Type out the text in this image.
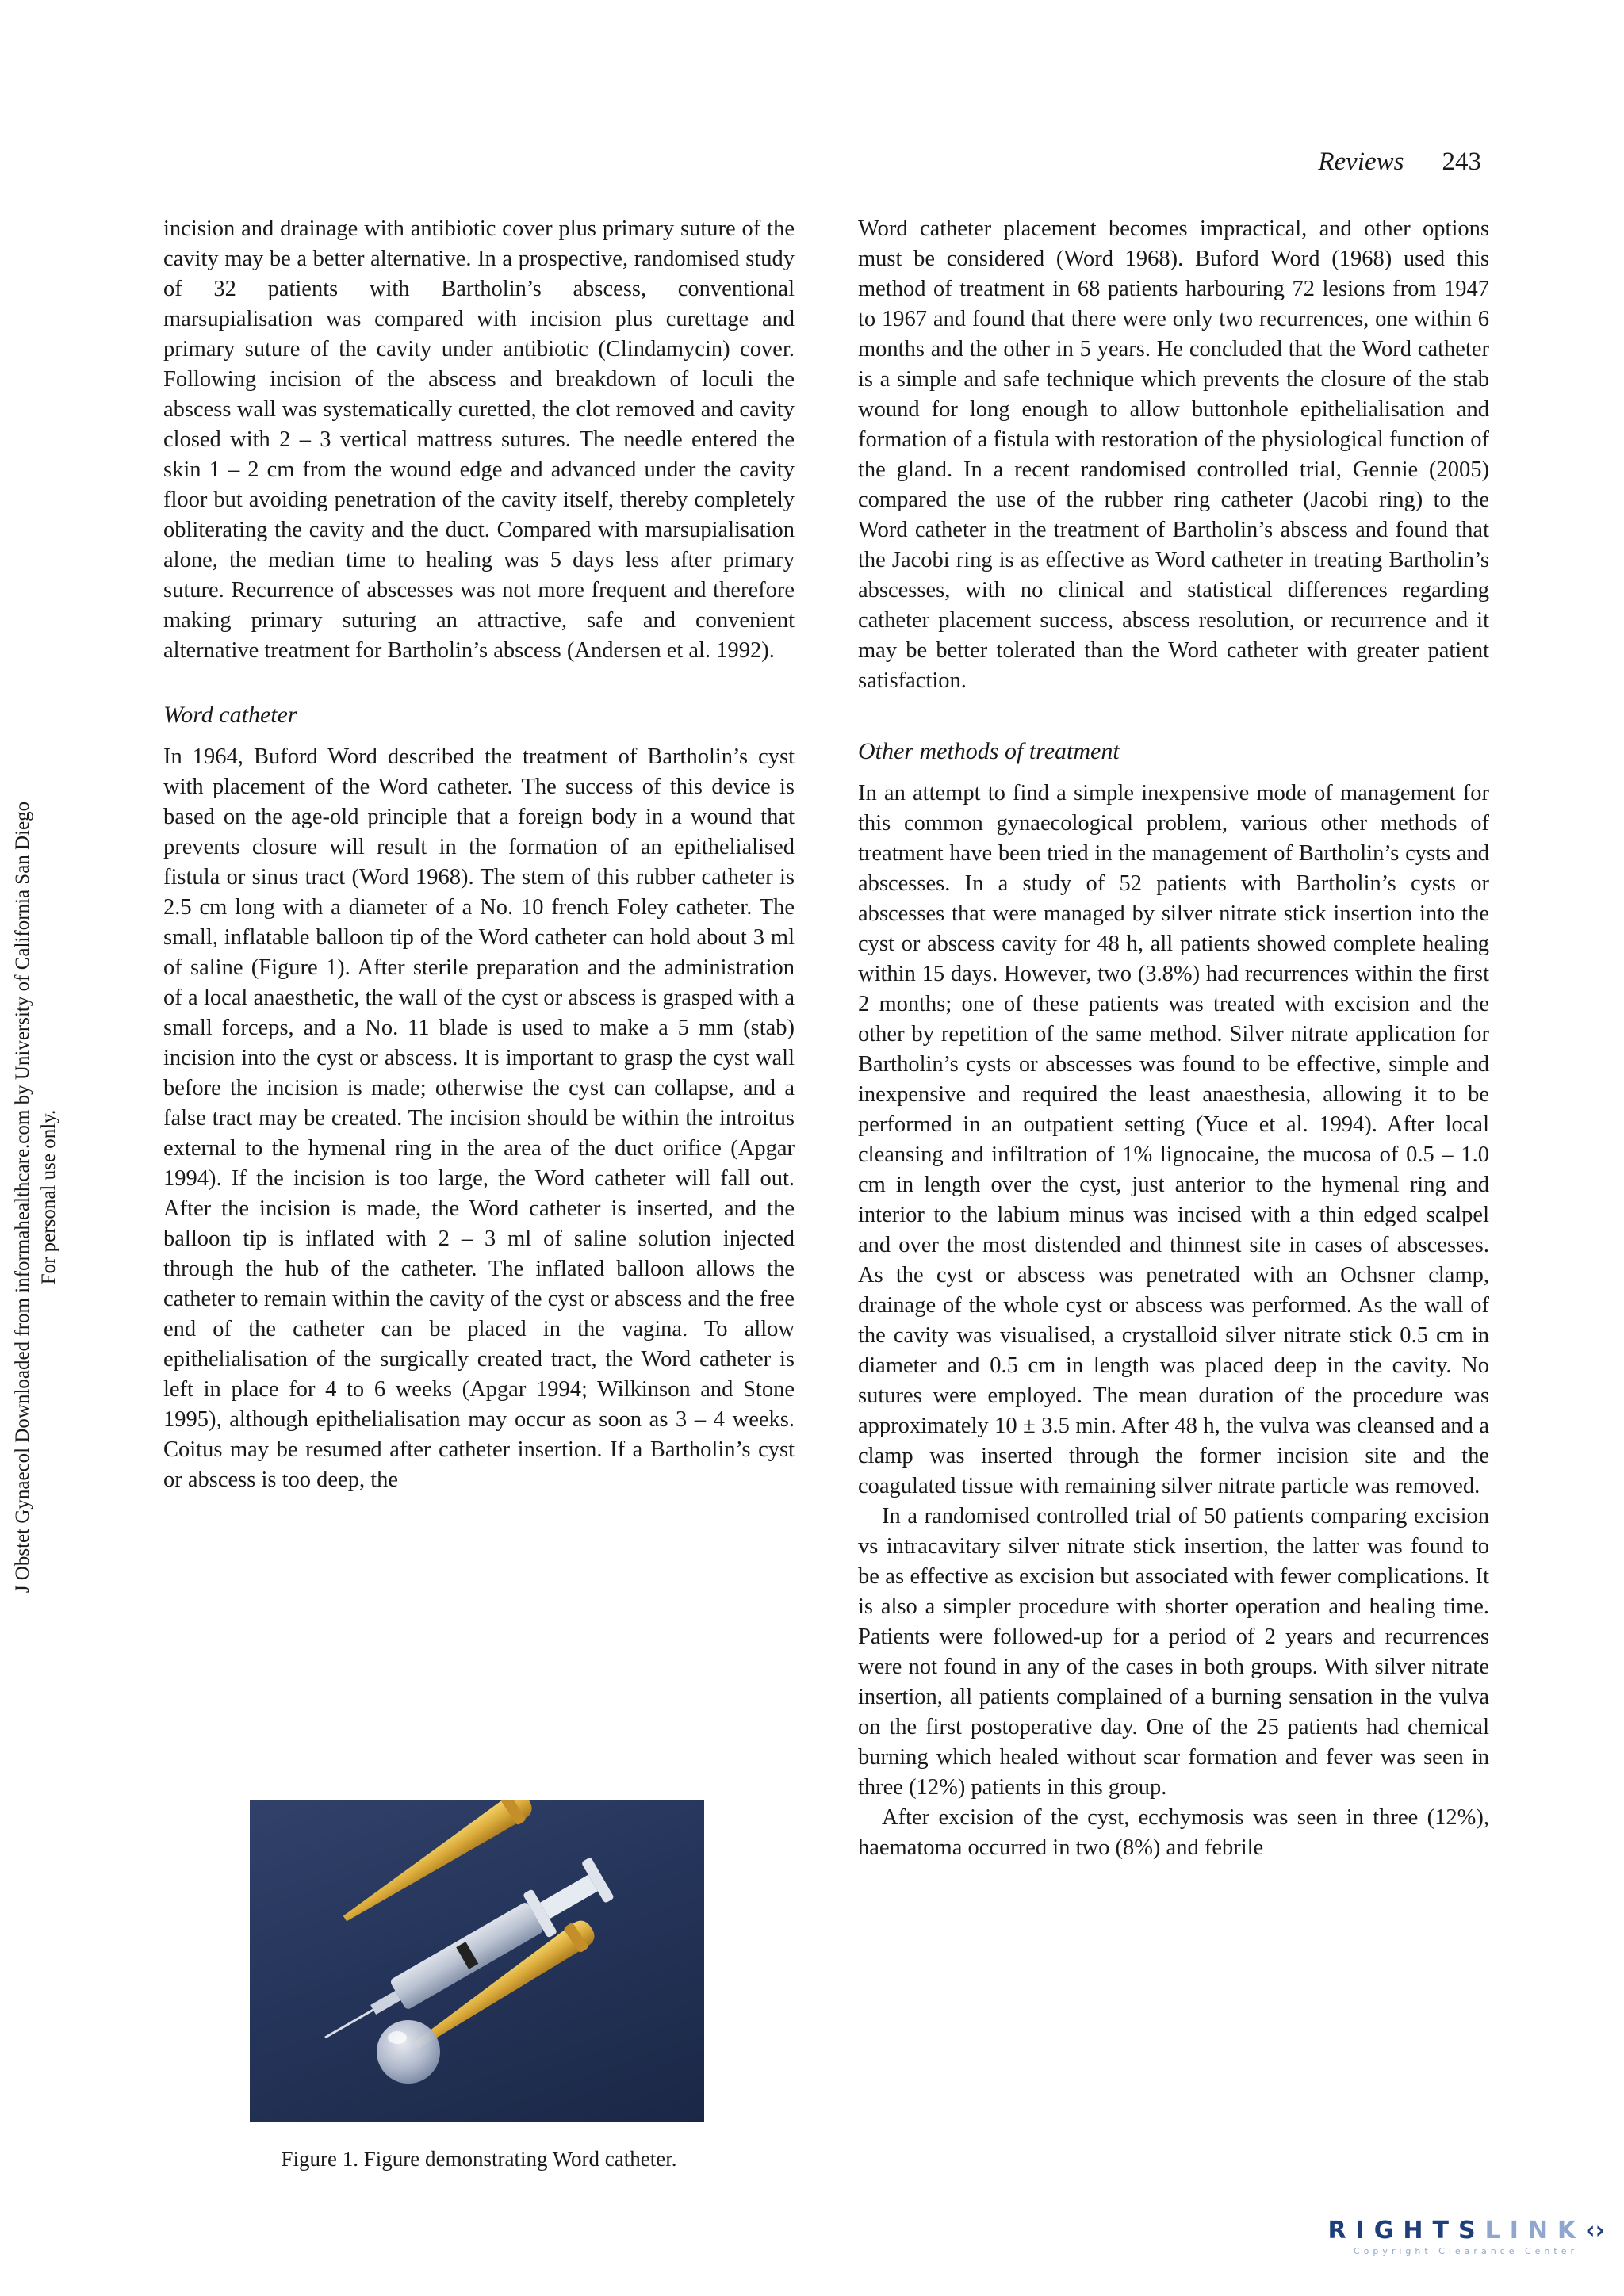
Reviews 243
J Obstet Gynaecol Downloaded from informahealthcare.com by University of California San Diego For personal use only.

incision and drainage with antibiotic cover plus primary suture of the cavity may be a better alternative. In a prospective, randomised study of 32 patients with Bartholin’s abscess, conventional marsupialisation was compared with incision plus curettage and primary suture of the cavity under antibiotic (Clindamycin) cover. Following incision of the abscess and breakdown of loculi the abscess wall was systematically curetted, the clot removed and cavity closed with 2 – 3 vertical mattress sutures. The needle entered the skin 1 – 2 cm from the wound edge and advanced under the cavity floor but avoiding penetration of the cavity itself, thereby completely obliterating the cavity and the duct. Compared with marsupialisation alone, the median time to healing was 5 days less after primary suture. Recurrence of abscesses was not more frequent and therefore making primary suturing an attractive, safe and convenient alternative treatment for Bartholin’s abscess (Andersen et al. 1992).

Word catheter

In 1964, Buford Word described the treatment of Bartholin’s cyst with placement of the Word catheter. The success of this device is based on the age-old principle that a foreign body in a wound that prevents closure will result in the formation of an epithelialised fistula or sinus tract (Word 1968). The stem of this rubber catheter is 2.5 cm long with a diameter of a No. 10 french Foley catheter. The small, inflatable balloon tip of the Word catheter can hold about 3 ml of saline (Figure 1). After sterile preparation and the administration of a local anaesthetic, the wall of the cyst or abscess is grasped with a small forceps, and a No. 11 blade is used to make a 5 mm (stab) incision into the cyst or abscess. It is important to grasp the cyst wall before the incision is made; otherwise the cyst can collapse, and a false tract may be created. The incision should be within the introitus external to the hymenal ring in the area of the duct orifice (Apgar 1994). If the incision is too large, the Word catheter will fall out. After the incision is made, the Word catheter is inserted, and the balloon tip is inflated with 2 – 3 ml of saline solution injected through the hub of the catheter. The inflated balloon allows the catheter to remain within the cavity of the cyst or abscess and the free end of the catheter can be placed in the vagina. To allow epithelialisation of the surgically created tract, the Word catheter is left in place for 4 to 6 weeks (Apgar 1994; Wilkinson and Stone 1995), although epithelialisation may occur as soon as 3 – 4 weeks. Coitus may be resumed after catheter insertion. If a Bartholin’s cyst or abscess is too deep, the

Figure 1. Figure demonstrating Word catheter.

Word catheter placement becomes impractical, and other options must be considered (Word 1968). Buford Word (1968) used this method of treatment in 68 patients harbouring 72 lesions from 1947 to 1967 and found that there were only two recurrences, one within 6 months and the other in 5 years. He concluded that the Word catheter is a simple and safe technique which prevents the closure of the stab wound for long enough to allow buttonhole epithelialisation and formation of a fistula with restoration of the physiological function of the gland. In a recent randomised controlled trial, Gennie (2005) compared the use of the rubber ring catheter (Jacobi ring) to the Word catheter in the treatment of Bartholin’s abscess and found that the Jacobi ring is as effective as Word catheter in treating Bartholin’s abscesses, with no clinical and statistical differences regarding catheter placement success, abscess resolution, or recurrence and it may be better tolerated than the Word catheter with greater patient satisfaction.

Other methods of treatment

In an attempt to find a simple inexpensive mode of management for this common gynaecological problem, various other methods of treatment have been tried in the management of Bartholin’s cysts and abscesses. In a study of 52 patients with Bartholin’s cysts or abscesses that were managed by silver nitrate stick insertion into the cyst or abscess cavity for 48 h, all patients showed complete healing within 15 days. However, two (3.8%) had recurrences within the first 2 months; one of these patients was treated with excision and the other by repetition of the same method. Silver nitrate application for Bartholin’s cysts or abscesses was found to be effective, simple and inexpensive and required the least anaesthesia, allowing it to be performed in an outpatient setting (Yuce et al. 1994). After local cleansing and infiltration of 1% lignocaine, the mucosa of 0.5 – 1.0 cm in length over the cyst, just anterior to the hymenal ring and interior to the labium minus was incised with a thin edged scalpel and over the most distended and thinnest site in cases of abscesses. As the cyst or abscess was penetrated with an Ochsner clamp, drainage of the whole cyst or abscess was performed. As the wall of the cavity was visualised, a crystalloid silver nitrate stick 0.5 cm in diameter and 0.5 cm in length was placed deep in the cavity. No sutures were employed. The mean duration of the procedure was approximately 10 ± 3.5 min. After 48 h, the vulva was cleansed and a clamp was inserted through the former incision site and the coagulated tissue with remaining silver nitrate particle was removed.

In a randomised controlled trial of 50 patients comparing excision vs intracavitary silver nitrate stick insertion, the latter was found to be as effective as excision but associated with fewer complications. It is also a simpler procedure with shorter operation and healing time. Patients were followed-up for a period of 2 years and recurrences were not found in any of the cases in both groups. With silver nitrate insertion, all patients complained of a burning sensation in the vulva on the first postoperative day. One of the 25 patients had chemical burning which healed without scar formation and fever was seen in three (12%) patients in this group.

After excision of the cyst, ecchymosis was seen in three (12%), haematoma occurred in two (8%) and febrile

RIGHTSLINK‹›
Copyright Clearance Center
